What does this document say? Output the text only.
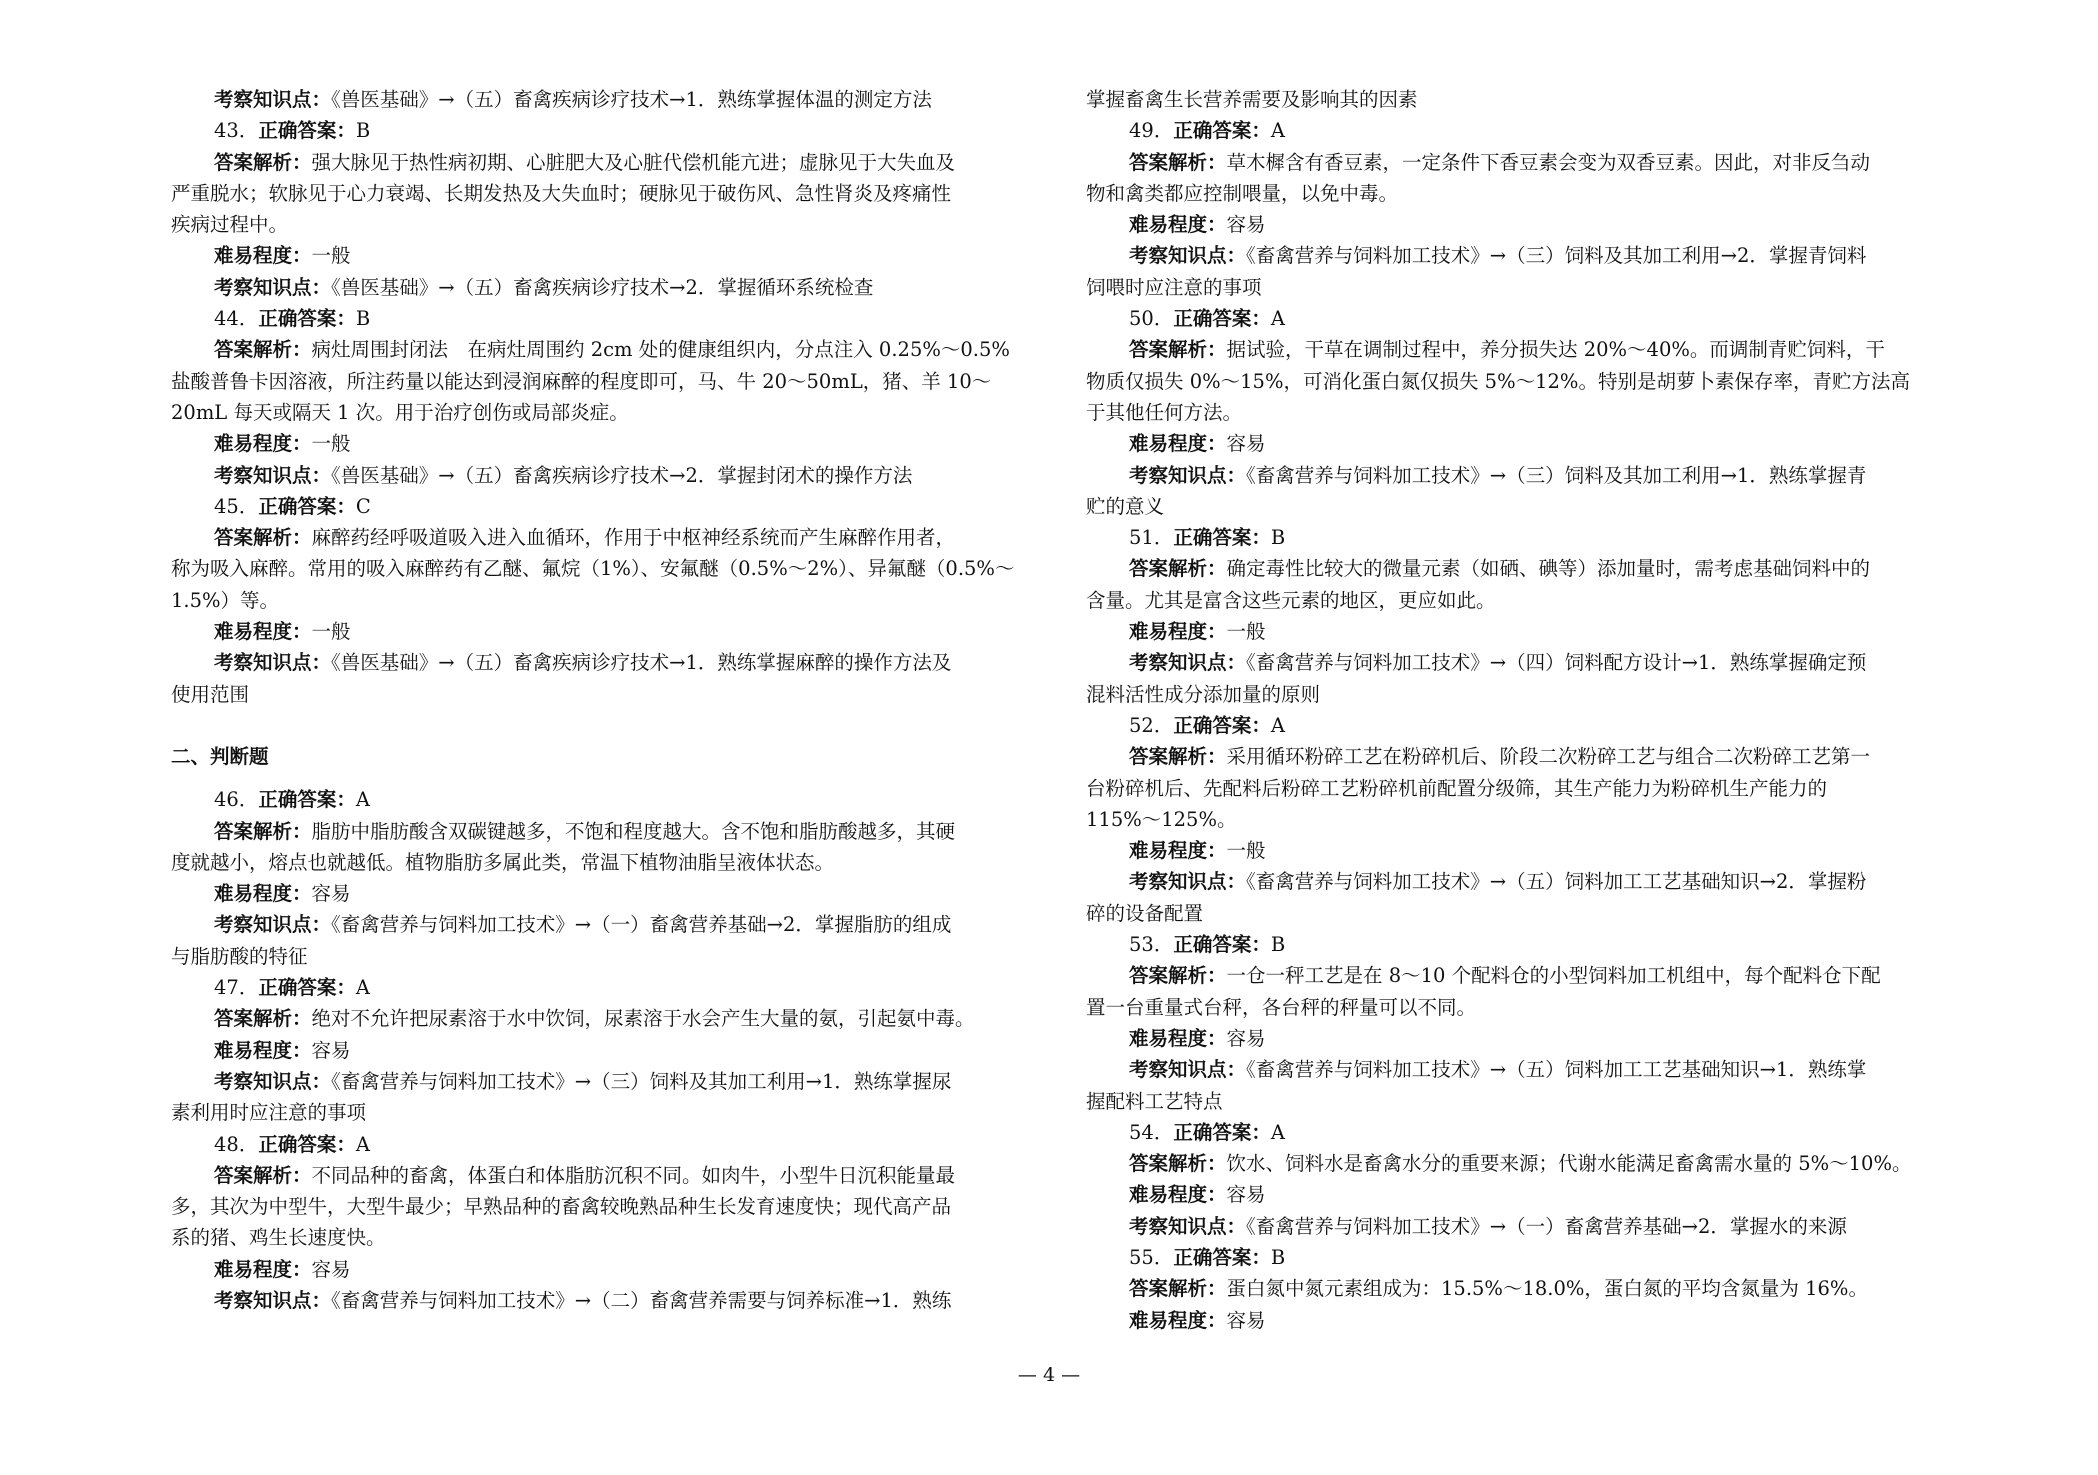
考察知识点：《兽医基础》→（五）畜禽疾病诊疗技术→1．熟练掌握体温的测定方法
43．正确答案：B
答案解析：强大脉见于热性病初期、心脏肥大及心脏代偿机能亢进；虚脉见于大失血及
严重脱水；软脉见于心力衰竭、长期发热及大失血时；硬脉见于破伤风、急性肾炎及疼痛性
疾病过程中。
难易程度：一般
考察知识点：《兽医基础》→（五）畜禽疾病诊疗技术→2．掌握循环系统检查
44．正确答案：B
答案解析：病灶周围封闭法　在病灶周围约 2cm 处的健康组织内，分点注入 0.25%～0.5%
盐酸普鲁卡因溶液，所注药量以能达到浸润麻醉的程度即可，马、牛 20～50mL，猪、羊 10～
20mL 每天或隔天 1 次。用于治疗创伤或局部炎症。
难易程度：一般
考察知识点：《兽医基础》→（五）畜禽疾病诊疗技术→2．掌握封闭术的操作方法
45．正确答案：C
答案解析：麻醉药经呼吸道吸入进入血循环，作用于中枢神经系统而产生麻醉作用者，
称为吸入麻醉。常用的吸入麻醉药有乙醚、氟烷（1%）、安氟醚（0.5%～2%）、异氟醚（0.5%～
1.5%）等。
难易程度：一般
考察知识点：《兽医基础》→（五）畜禽疾病诊疗技术→1．熟练掌握麻醉的操作方法及
使用范围
二、判断题
46．正确答案：A
答案解析：脂肪中脂肪酸含双碳键越多，不饱和程度越大。含不饱和脂肪酸越多，其硬
度就越小，熔点也就越低。植物脂肪多属此类，常温下植物油脂呈液体状态。
难易程度：容易
考察知识点：《畜禽营养与饲料加工技术》→（一）畜禽营养基础→2．掌握脂肪的组成
与脂肪酸的特征
47．正确答案：A
答案解析：绝对不允许把尿素溶于水中饮饲，尿素溶于水会产生大量的氨，引起氨中毒。
难易程度：容易
考察知识点：《畜禽营养与饲料加工技术》→（三）饲料及其加工利用→1．熟练掌握尿
素利用时应注意的事项
48．正确答案：A
答案解析：不同品种的畜禽，体蛋白和体脂肪沉积不同。如肉牛，小型牛日沉积能量最
多，其次为中型牛，大型牛最少；早熟品种的畜禽较晚熟品种生长发育速度快；现代高产品
系的猪、鸡生长速度快。
难易程度：容易
考察知识点：《畜禽营养与饲料加工技术》→（二）畜禽营养需要与饲养标准→1．熟练
掌握畜禽生长营养需要及影响其的因素
49．正确答案：A
答案解析：草木樨含有香豆素，一定条件下香豆素会变为双香豆素。因此，对非反刍动
物和禽类都应控制喂量，以免中毒。
难易程度：容易
考察知识点：《畜禽营养与饲料加工技术》→（三）饲料及其加工利用→2．掌握青饲料
饲喂时应注意的事项
50．正确答案：A
答案解析：据试验，干草在调制过程中，养分损失达 20%～40%。而调制青贮饲料，干
物质仅损失 0%～15%，可消化蛋白氮仅损失 5%～12%。特别是胡萝卜素保存率，青贮方法高
于其他任何方法。
难易程度：容易
考察知识点：《畜禽营养与饲料加工技术》→（三）饲料及其加工利用→1．熟练掌握青
贮的意义
51．正确答案：B
答案解析：确定毒性比较大的微量元素（如硒、碘等）添加量时，需考虑基础饲料中的
含量。尤其是富含这些元素的地区，更应如此。
难易程度：一般
考察知识点：《畜禽营养与饲料加工技术》→（四）饲料配方设计→1．熟练掌握确定预
混料活性成分添加量的原则
52．正确答案：A
答案解析：采用循环粉碎工艺在粉碎机后、阶段二次粉碎工艺与组合二次粉碎工艺第一
台粉碎机后、先配料后粉碎工艺粉碎机前配置分级筛，其生产能力为粉碎机生产能力的
115%～125%。
难易程度：一般
考察知识点：《畜禽营养与饲料加工技术》→（五）饲料加工工艺基础知识→2．掌握粉
碎的设备配置
53．正确答案：B
答案解析：一仓一秤工艺是在 8～10 个配料仓的小型饲料加工机组中，每个配料仓下配
置一台重量式台秤，各台秤的秤量可以不同。
难易程度：容易
考察知识点：《畜禽营养与饲料加工技术》→（五）饲料加工工艺基础知识→1．熟练掌
握配料工艺特点
54．正确答案：A
答案解析：饮水、饲料水是畜禽水分的重要来源；代谢水能满足畜禽需水量的 5%～10%。
难易程度：容易
考察知识点：《畜禽营养与饲料加工技术》→（一）畜禽营养基础→2．掌握水的来源
55．正确答案：B
答案解析：蛋白氮中氮元素组成为：15.5%～18.0%，蛋白氮的平均含氮量为 16%。
难易程度：容易
— 4 —
